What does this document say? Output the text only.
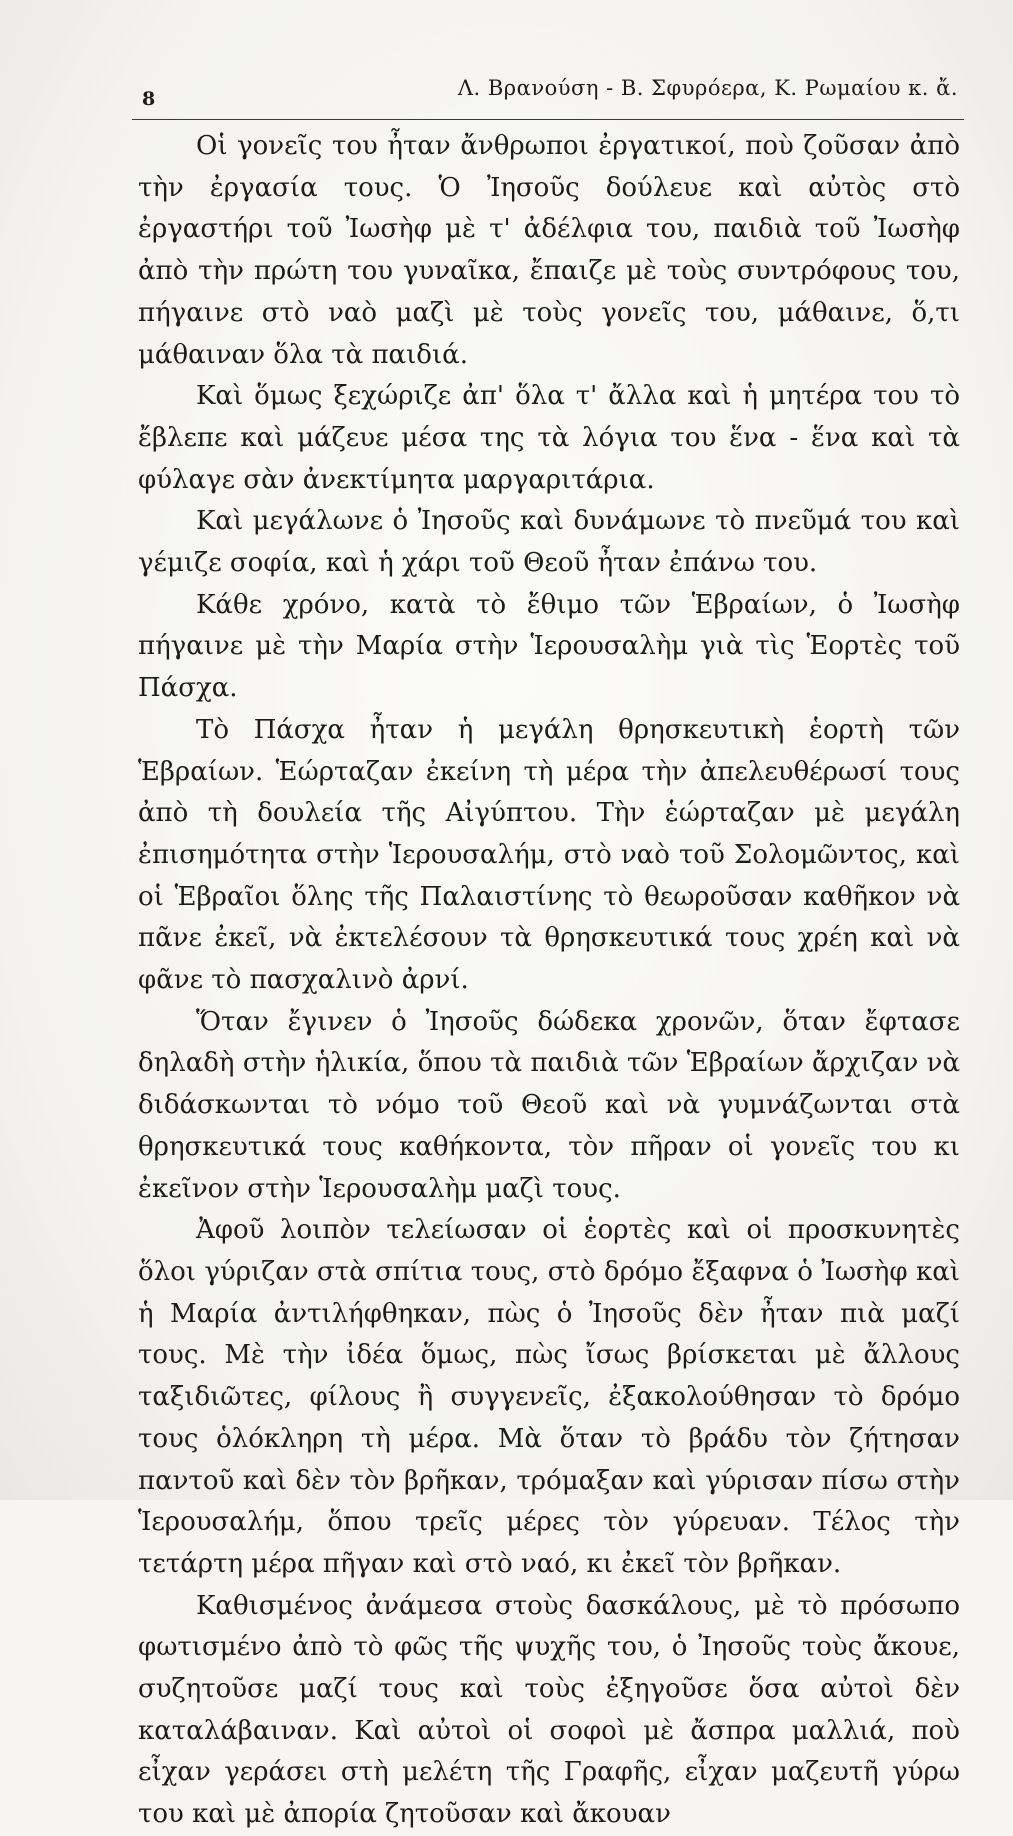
8	Λ. Βρανούση - Β. Σφυρόερα, Κ. Ρωμαίου κ. ἄ.

Οἱ γονεῖς του ἦταν ἄνθρωποι ἐργατικοί, ποὺ ζοῦσαν ἀπὸ τὴν ἐργασία τους. Ὁ Ἰησοῦς δούλευε καὶ αὐτὸς στὸ ἐργαστήρι τοῦ Ἰωσὴφ μὲ τ' ἀδέλφια του, παιδιὰ τοῦ Ἰωσὴφ ἀπὸ τὴν πρώτη του γυναῖκα, ἔπαιζε μὲ τοὺς συντρόφους του, πήγαινε στὸ ναὸ μαζὶ μὲ τοὺς γονεῖς του, μάθαινε, ὅ,τι μάθαιναν ὅλα τὰ παιδιά.

Καὶ ὅμως ξεχώριζε ἀπ' ὅλα τ' ἄλλα καὶ ἡ μητέρα του τὸ ἔβλεπε καὶ μάζευε μέσα της τὰ λόγια του ἕνα - ἕνα καὶ τὰ φύλαγε σὰν ἀνεκτίμητα μαργαριτάρια.

Καὶ μεγάλωνε ὁ Ἰησοῦς καὶ δυνάμωνε τὸ πνεῦμά του καὶ γέμιζε σοφία, καὶ ἡ χάρι τοῦ Θεοῦ ἦταν ἐπάνω του.

Κάθε χρόνο, κατὰ τὸ ἔθιμο τῶν Ἑβραίων, ὁ Ἰωσὴφ πήγαινε μὲ τὴν Μαρία στὴν Ἱερουσαλὴμ γιὰ τὶς Ἑορτὲς τοῦ Πάσχα.

Τὸ Πάσχα ἦταν ἡ μεγάλη θρησκευτικὴ ἑορτὴ τῶν Ἑβραίων. Ἑώρταζαν ἐκείνη τὴ μέρα τὴν ἀπελευθέρωσί τους ἀπὸ τὴ δουλεία τῆς Αἰγύπτου. Τὴν ἑώρταζαν μὲ μεγάλη ἐπισημότητα στὴν Ἱερουσαλήμ, στὸ ναὸ τοῦ Σολομῶντος, καὶ οἱ Ἑβραῖοι ὅλης τῆς Παλαιστίνης τὸ θεωροῦσαν καθῆκον νὰ πᾶνε ἐκεῖ, νὰ ἐκτελέσουν τὰ θρησκευτικά τους χρέη καὶ νὰ φᾶνε τὸ πασχαλινὸ ἀρνί.

Ὅταν ἔγινεν ὁ Ἰησοῦς δώδεκα χρονῶν, ὅταν ἔφτασε δηλαδὴ στὴν ἡλικία, ὅπου τὰ παιδιὰ τῶν Ἑβραίων ἄρχιζαν νὰ διδάσκωνται τὸ νόμο τοῦ Θεοῦ καὶ νὰ γυμνάζωνται στὰ θρησκευτικά τους καθήκοντα, τὸν πῆραν οἱ γονεῖς του κι ἐκεῖνον στὴν Ἱερουσαλὴμ μαζὶ τους.

Ἀφοῦ λοιπὸν τελείωσαν οἱ ἑορτὲς καὶ οἱ προσκυνητὲς ὅλοι γύριζαν στὰ σπίτια τους, στὸ δρόμο ἔξαφνα ὁ Ἰωσὴφ καὶ ἡ Μαρία ἀντιλήφθηκαν, πὼς ὁ Ἰησοῦς δὲν ἦταν πιὰ μαζί τους. Μὲ τὴν ἰδέα ὅμως, πὼς ἴσως βρίσκεται μὲ ἄλλους ταξιδιῶτες, φίλους ἢ συγγενεῖς, ἐξακολούθησαν τὸ δρόμο τους ὁλόκληρη τὴ μέρα. Μὰ ὅταν τὸ βράδυ τὸν ζήτησαν παντοῦ καὶ δὲν τὸν βρῆκαν, τρόμαξαν καὶ γύρισαν πίσω στὴν Ἱερουσαλήμ, ὅπου τρεῖς μέρες τὸν γύρευαν. Τέλος τὴν τετάρτη μέρα πῆγαν καὶ στὸ ναό, κι ἐκεῖ τὸν βρῆκαν.

Καθισμένος ἀνάμεσα στοὺς δασκάλους, μὲ τὸ πρόσωπο φωτισμένο ἀπὸ τὸ φῶς τῆς ψυχῆς του, ὁ Ἰησοῦς τοὺς ἄκουε, συζητοῦσε μαζί τους καὶ τοὺς ἐξηγοῦσε ὅσα αὐτοὶ δὲν καταλάβαιναν. Καὶ αὐτοὶ οἱ σοφοὶ μὲ ἄσπρα μαλλιά, ποὺ εἶχαν γεράσει στὴ μελέτη τῆς Γραφῆς, εἶχαν μαζευτῆ γύρω του καὶ μὲ ἀπορία ζητοῦσαν καὶ ἄκουαν
